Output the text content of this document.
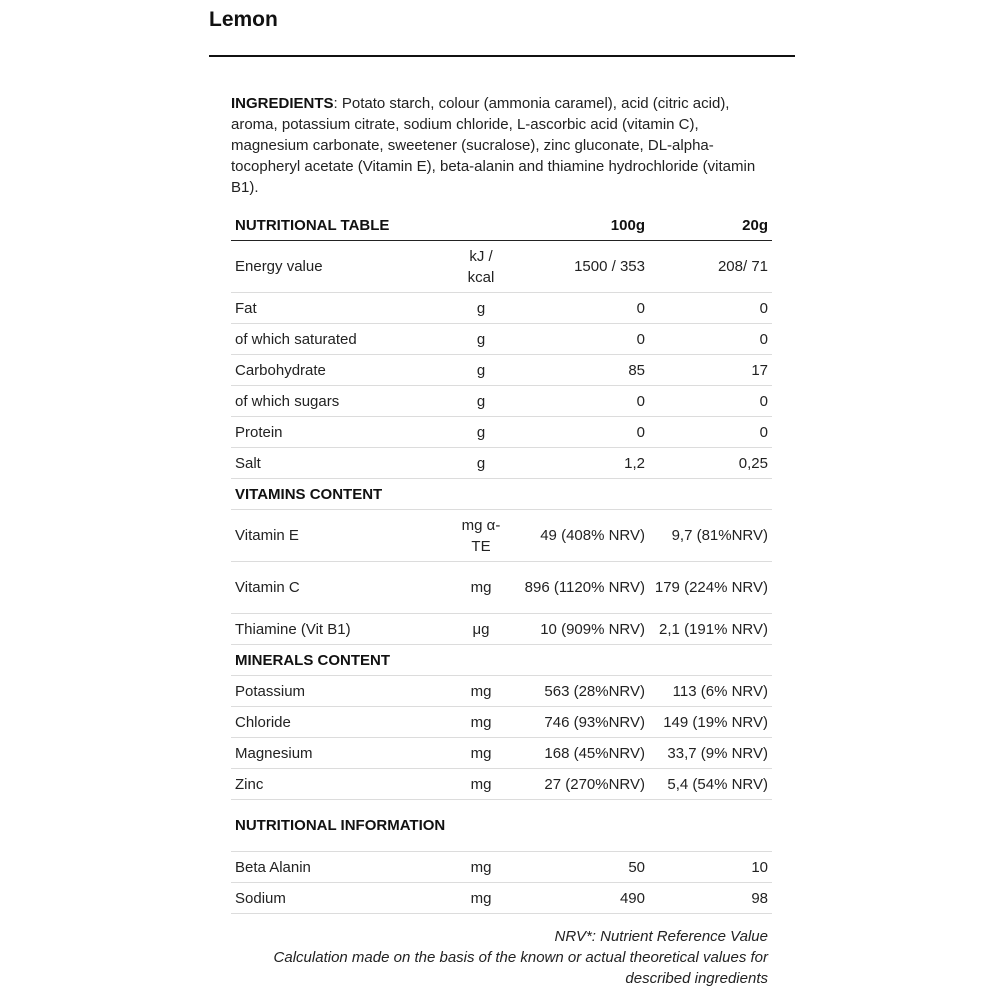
Lemon
INGREDIENTS: Potato starch, colour (ammonia caramel), acid (citric acid), aroma, potassium citrate, sodium chloride, L-ascorbic acid (vitamin C), magnesium carbonate, sweetener (sucralose), zinc gluconate, DL-alpha-tocopheryl acetate (Vitamin E), beta-alanin and thiamine hydrochloride (vitamin B1).
NUTRITIONAL TABLE		100g	20g
Energy value	kJ / kcal	1500 / 353	208/ 71
Fat	g	0	0
of which saturated	g	0	0
Carbohydrate	g	85	17
of which sugars	g	0	0
Protein	g	0	0
Salt	g	1,2	0,25
VITAMINS CONTENT			
Vitamin E	mg α-TE	49 (408% NRV)	9,7 (81%NRV)
Vitamin C	mg	896 (1120% NRV)	179 (224% NRV)
Thiamine (Vit B1)	μg	10 (909% NRV)	2,1 (191% NRV)
MINERALS CONTENT			
Potassium	mg	563 (28%NRV)	113 (6% NRV)
Chloride	mg	746 (93%NRV)	149 (19% NRV)
Magnesium	mg	168 (45%NRV)	33,7 (9% NRV)
Zinc	mg	27 (270%NRV)	5,4 (54% NRV)
NUTRITIONAL INFORMATION			
Beta Alanin	mg	50	10
Sodium	mg	490	98
NRV*: Nutrient Reference Value
Calculation made on the basis of the known or actual theoretical values for described ingredients
